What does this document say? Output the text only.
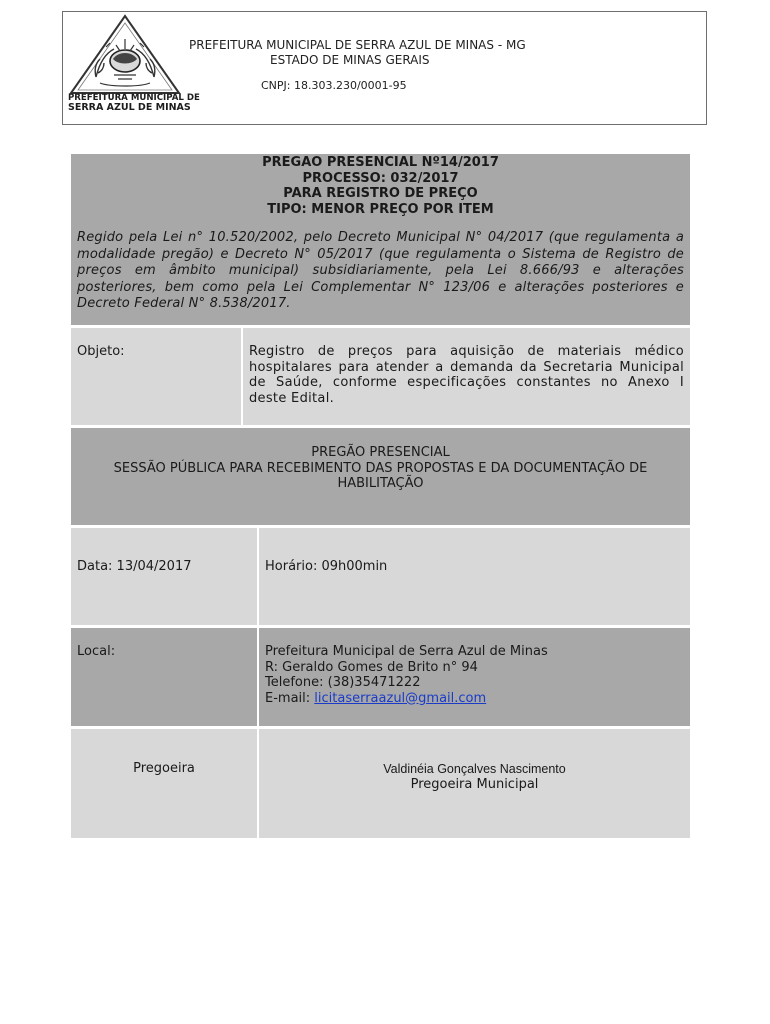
PREFEITURA MUNICIPAL DE
SERRA AZUL DE MINAS
PREFEITURA MUNICIPAL DE SERRA AZUL DE MINAS - MG
ESTADO DE MINAS GERAIS
CNPJ: 18.303.230/0001-95
PREGAO PRESENCIAL Nº14/2017
PROCESSO: 032/2017
PARA REGISTRO DE PREÇO
TIPO: MENOR PREÇO POR ITEM
Regido pela Lei n° 10.520/2002, pelo Decreto Municipal N° 04/2017 (que regulamenta a modalidade pregão) e Decreto N° 05/2017 (que regulamenta o Sistema de Registro de preços em âmbito municipal) subsidiariamente, pela Lei 8.666/93 e alterações posteriores, bem como pela Lei Complementar N° 123/06 e alterações posteriores e Decreto Federal N° 8.538/2017.
Objeto:	Registro de preços para aquisição de materiais médico hospitalares para atender a demanda da Secretaria Municipal de Saúde, conforme especificações constantes no Anexo I deste Edital.
PREGÃO PRESENCIAL
SESSÃO PÚBLICA PARA RECEBIMENTO DAS PROPOSTAS E DA DOCUMENTAÇÃO DE HABILITAÇÃO
Data: 13/04/2017	Horário: 09h00min
Local:	Prefeitura Municipal de Serra Azul de Minas
R: Geraldo Gomes de Brito n° 94
Telefone: (38)35471222
E-mail: licitaserraazul@gmail.com
Pregoeira	Valdinéia Gonçalves Nascimento
Pregoeira Municipal
